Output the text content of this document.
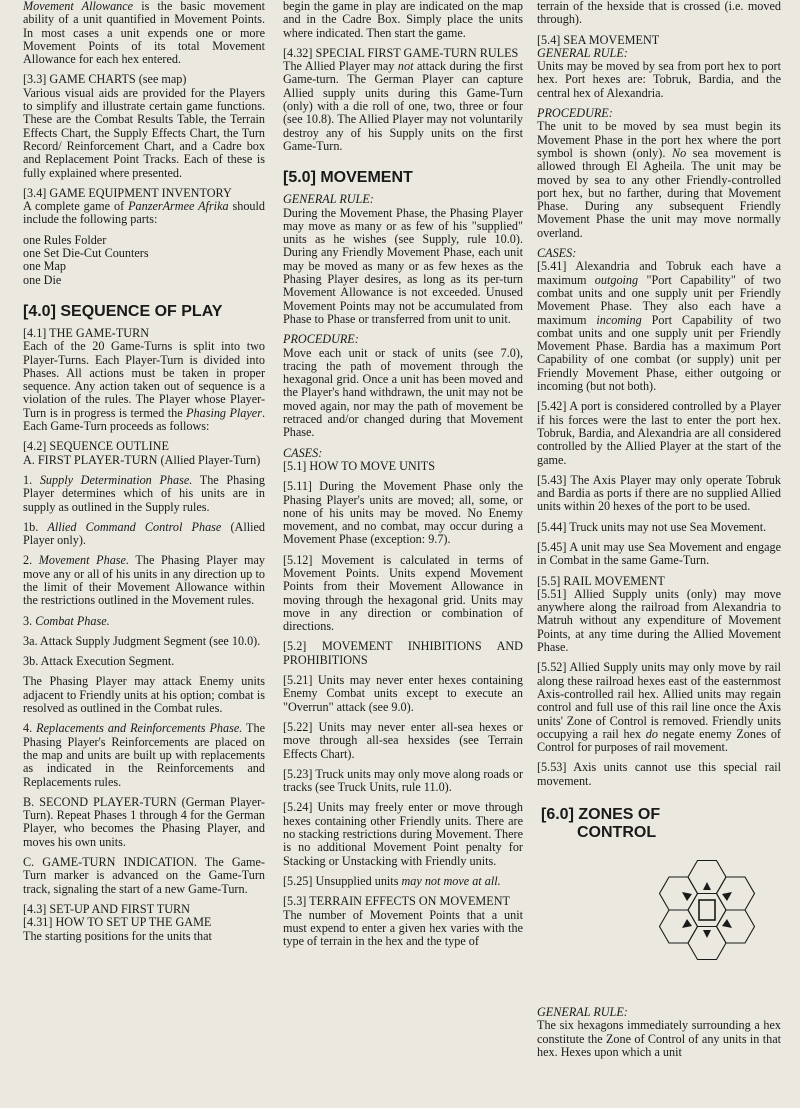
Movement Allowance is the basic movement ability of a unit quantified in Movement Points. In most cases a unit expends one or more Movement Points of its total Movement Allowance for each hex entered.

[3.3] GAME CHARTS (see map)

Various visual aids are provided for the Players to simplify and illustrate certain game functions. These are the Combat Results Table, the Terrain Effects Chart, the Supply Effects Chart, the Turn Record/ Reinforcement Chart, and a Cadre box and Replacement Point Tracks. Each of these is fully explained where presented.

[3.4] GAME EQUIPMENT INVENTORY

A complete game of PanzerArmee Afrika should include the following parts:

one Rules Folder
one Set Die-Cut Counters
one Map
one Die
[4.0] SEQUENCE OF PLAY
[4.1] THE GAME-TURN

Each of the 20 Game-Turns is split into two Player-Turns. Each Player-Turn is divided into Phases. All actions must be taken in proper sequence. Any action taken out of sequence is a violation of the rules. The Player whose Player-Turn is in progress is termed the Phasing Player. Each Game-Turn proceeds as follows:

[4.2] SEQUENCE OUTLINE

A. FIRST PLAYER-TURN (Allied Player-Turn)

1. Supply Determination Phase. The Phasing Player determines which of his units are in supply as outlined in the Supply rules.

1b. Allied Command Control Phase (Allied Player only).

2. Movement Phase. The Phasing Player may move any or all of his units in any direction up to the limit of their Movement Allowance within the restrictions outlined in the Movement rules.

3. Combat Phase.

3a. Attack Supply Judgment Segment (see 10.0).

3b. Attack Execution Segment.

The Phasing Player may attack Enemy units adjacent to Friendly units at his option; combat is resolved as outlined in the Combat rules.

4. Replacements and Reinforcements Phase. The Phasing Player's Reinforcements are placed on the map and units are built up with replacements as indicated in the Reinforcements and Replacements rules.

B. SECOND PLAYER-TURN (German Player-Turn). Repeat Phases 1 through 4 for the German Player, who becomes the Phasing Player, and moves his own units.

C. GAME-TURN INDICATION. The Game-Turn marker is advanced on the Game-Turn track, signaling the start of a new Game-Turn.

[4.3] SET-UP AND FIRST TURN
[4.31] HOW TO SET UP THE GAME

The starting positions for the units that

begin the game in play are indicated on the map and in the Cadre Box. Simply place the units where indicated. Then start the game.

[4.32] SPECIAL FIRST GAME-TURN RULES

The Allied Player may not attack during the first Game-turn. The German Player can capture Allied supply units during this Game-Turn (only) with a die roll of one, two, three or four (see 10.8). The Allied Player may not voluntarily destroy any of his Supply units on the first Game-Turn.

[5.0] MOVEMENT
GENERAL RULE:

During the Movement Phase, the Phasing Player may move as many or as few of his "supplied" units as he wishes (see Supply, rule 10.0). During any Friendly Movement Phase, each unit may be moved as many or as few hexes as the Phasing Player desires, as long as its per-turn Movement Allowance is not exceeded. Unused Movement Points may not be accumulated from Phase to Phase or transferred from unit to unit.

PROCEDURE:

Move each unit or stack of units (see 7.0), tracing the path of movement through the hexagonal grid. Once a unit has been moved and the Player's hand withdrawn, the unit may not be moved again, nor may the path of movement be retraced and/or changed during that Movement Phase.

CASES:

[5.1] HOW TO MOVE UNITS

[5.11] During the Movement Phase only the Phasing Player's units are moved; all, some, or none of his units may be moved. No Enemy movement, and no combat, may occur during a Movement Phase (exception: 9.7).

[5.12] Movement is calculated in terms of Movement Points. Units expend Movement Points from their Movement Allowance in moving through the hexagonal grid. Units may move in any direction or combination of directions.

[5.2] MOVEMENT INHIBITIONS AND PROHIBITIONS

[5.21] Units may never enter hexes containing Enemy Combat units except to execute an "Overrun" attack (see 9.0).

[5.22] Units may never enter all-sea hexes or move through all-sea hexsides (see Terrain Effects Chart).

[5.23] Truck units may only move along roads or tracks (see Truck Units, rule 11.0).

[5.24] Units may freely enter or move through hexes containing other Friendly units. There are no stacking restrictions during Movement. There is no additional Movement Point penalty for Stacking or Unstacking with Friendly units.

[5.25] Unsupplied units may not move at all.

[5.3] TERRAIN EFFECTS ON MOVEMENT

The number of Movement Points that a unit must expend to enter a given hex varies with the type of terrain in the hex and the type of

terrain of the hexside that is crossed (i.e. moved through).

[5.4] SEA MOVEMENT
GENERAL RULE:

Units may be moved by sea from port hex to port hex. Port hexes are: Tobruk, Bardia, and the central hex of Alexandria.

PROCEDURE:

The unit to be moved by sea must begin its Movement Phase in the port hex where the port symbol is shown (only). No sea movement is allowed through El Agheila. The unit may be moved by sea to any other Friendly-controlled port hex, but no farther, during that Movement Phase. During any subsequent Friendly Movement Phase the unit may move normally overland.

CASES:

[5.41] Alexandria and Tobruk each have a maximum outgoing "Port Capability" of two combat units and one supply unit per Friendly Movement Phase. They also each have a maximum incoming Port Capability of two combat units and one supply unit per Friendly Movement Phase. Bardia has a maximum Port Capability of one combat (or supply) unit per Friendly Movement Phase, either outgoing or incoming (but not both).

[5.42] A port is considered controlled by a Player if his forces were the last to enter the port hex. Tobruk, Bardia, and Alexandria are all considered controlled by the Allied Player at the start of the game.

[5.43] The Axis Player may only operate Tobruk and Bardia as ports if there are no supplied Allied units within 20 hexes of the port to be used.

[5.44] Truck units may not use Sea Movement.

[5.45] A unit may use Sea Movement and engage in Combat in the same Game-Turn.

[5.5] RAIL MOVEMENT

[5.51] Allied Supply units (only) may move anywhere along the railroad from Alexandria to Matruh without any expenditure of Movement Points, at any time during the Allied Movement Phase.

[5.52] Allied Supply units may only move by rail along these railroad hexes east of the easternmost Axis-controlled rail hex. Allied units may regain control and full use of this rail line once the Axis units' Zone of Control is removed. Friendly units occupying a rail hex do negate enemy Zones of Control for purposes of rail movement.

[5.53] Axis units cannot use this special rail movement.

[6.0] ZONES OF
CONTROL
GENERAL RULE:

The six hexagons immediately surrounding a hex constitute the Zone of Control of any units in that hex. Hexes upon which a unit
